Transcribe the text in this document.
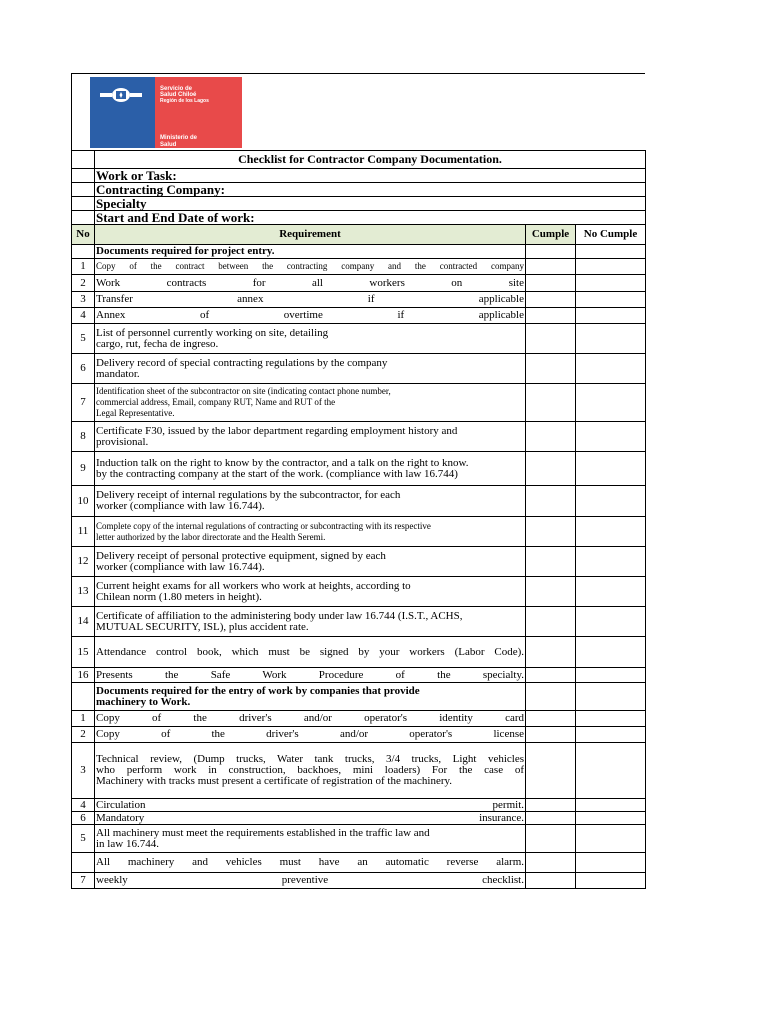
Servicio de
Salud Chiloé
Región de los Lagos
Ministerio de
Salud
	Checklist for Contractor Company Documentation.		
	Work or Task:		
	Contracting Company:		
	Specialty		
	Start and End Date of work:		
No	Requirement	Cumple	No Cumple
	Documents required for project entry.		
1	Copy of the contract between the contracting company and the contracted company		

2	Work contracts for all workers on site		

3	Transfer annex if applicable		

4	Annex of overtime if applicable		

5	List of personnel currently working on site, detailing
cargo, rut, fecha de ingreso.		

6	Delivery record of special contracting regulations by the company
mandator.		

7	Identification sheet of the subcontractor on site (indicating contact phone number,
commercial address, Email, company RUT, Name and RUT of the
Legal Representative.		

8	Certificate F30, issued by the labor department regarding employment history and
provisional.		

9	Induction talk on the right to know by the contractor, and a talk on the right to know.
by the contracting company at the start of the work. (compliance with law 16.744)		

10	Delivery receipt of internal regulations by the subcontractor, for each
worker (compliance with law 16.744).		

11	Complete copy of the internal regulations of contracting or subcontracting with its respective
letter authorized by the labor directorate and the Health Seremi.		

12	Delivery receipt of personal protective equipment, signed by each
worker (compliance with law 16.744).		

13	Current height exams for all workers who work at heights, according to
Chilean norm (1.80 meters in height).		

14	Certificate of affiliation to the administering body under law 16.744 (I.S.T., ACHS,
MUTUAL SECURITY, ISL), plus accident rate.		

15	Attendance control book, which must be signed by your workers (Labor Code).		

16	Presents the Safe Work Procedure of the specialty.		

	Documents required for the entry of work by companies that provide
machinery to Work.		

1	Copy of the driver's and/or operator's identity card		

2	Copy of the driver's and/or operator's license		

3	Technical review, (Dump trucks, Water tank trucks, 3/4 trucks, Light vehicles
who perform work in construction, backhoes, mini loaders) For the case of
Machinery with tracks must present a certificate of registration of the machinery.		

4	Circulation permit.		

6	Mandatory insurance.		

5	All machinery must meet the requirements established in the traffic law and
in law 16.744.		

	All machinery and vehicles must have an automatic reverse alarm.		

7	weekly preventive checklist.		
